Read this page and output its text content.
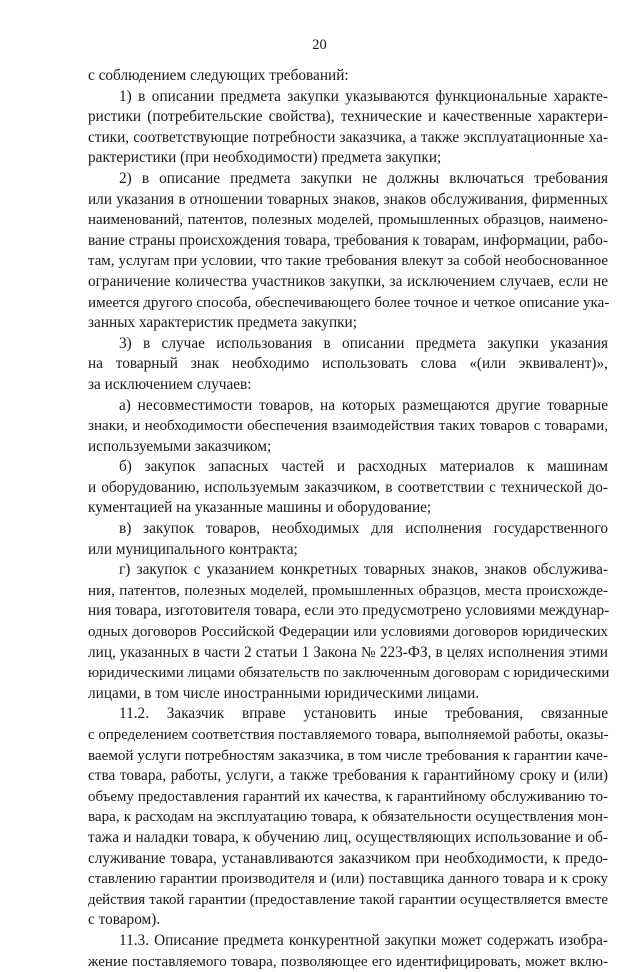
20
с соблюдением следующих требований:
1) в описании предмета закупки указываются функциональные характе-
ристики (потребительские свойства), технические и качественные характери-
стики, соответствующие потребности заказчика, а также эксплуатационные ха-
рактеристики (при необходимости) предмета закупки;
2) в описание предмета закупки не должны включаться требования
или указания в отношении товарных знаков, знаков обслуживания, фирменных
наименований, патентов, полезных моделей, промышленных образцов, наимено-
вание страны происхождения товара, требования к товарам, информации, рабо-
там, услугам при условии, что такие требования влекут за собой необоснованное
ограничение количества участников закупки, за исключением случаев, если не
имеется другого способа, обеспечивающего более точное и четкое описание ука-
занных характеристик предмета закупки;
3) в случае использования в описании предмета закупки указания
на товарный знак необходимо использовать слова «(или эквивалент)»,
за исключением случаев:
а) несовместимости товаров, на которых размещаются другие товарные
знаки, и необходимости обеспечения взаимодействия таких товаров с товарами,
используемыми заказчиком;
б) закупок запасных частей и расходных материалов к машинам
и оборудованию, используемым заказчиком, в соответствии с технической до-
кументацией на указанные машины и оборудование;
в) закупок товаров, необходимых для исполнения государственного
или муниципального контракта;
г) закупок с указанием конкретных товарных знаков, знаков обслужива-
ния, патентов, полезных моделей, промышленных образцов, места происхожде-
ния товара, изготовителя товара, если это предусмотрено условиями междунар-
одных договоров Российской Федерации или условиями договоров юридических
лиц, указанных в части 2 статьи 1 Закона № 223-ФЗ, в целях исполнения этими
юридическими лицами обязательств по заключенным договорам с юридическими
лицами, в том числе иностранными юридическими лицами.
11.2. Заказчик вправе установить иные требования, связанные
с определением соответствия поставляемого товара, выполняемой работы, оказы-
ваемой услуги потребностям заказчика, в том числе требования к гарантии каче-
ства товара, работы, услуги, а также требования к гарантийному сроку и (или)
объему предоставления гарантий их качества, к гарантийному обслуживанию то-
вара, к расходам на эксплуатацию товара, к обязательности осуществления мон-
тажа и наладки товара, к обучению лиц, осуществляющих использование и об-
служивание товара, устанавливаются заказчиком при необходимости, к предо-
ставлению гарантии производителя и (или) поставщика данного товара и к сроку
действия такой гарантии (предоставление такой гарантии осуществляется вместе
с товаром).
11.3. Описание предмета конкурентной закупки может содержать изобра-
жение поставляемого товара, позволяющее его идентифицировать, может вклю-
